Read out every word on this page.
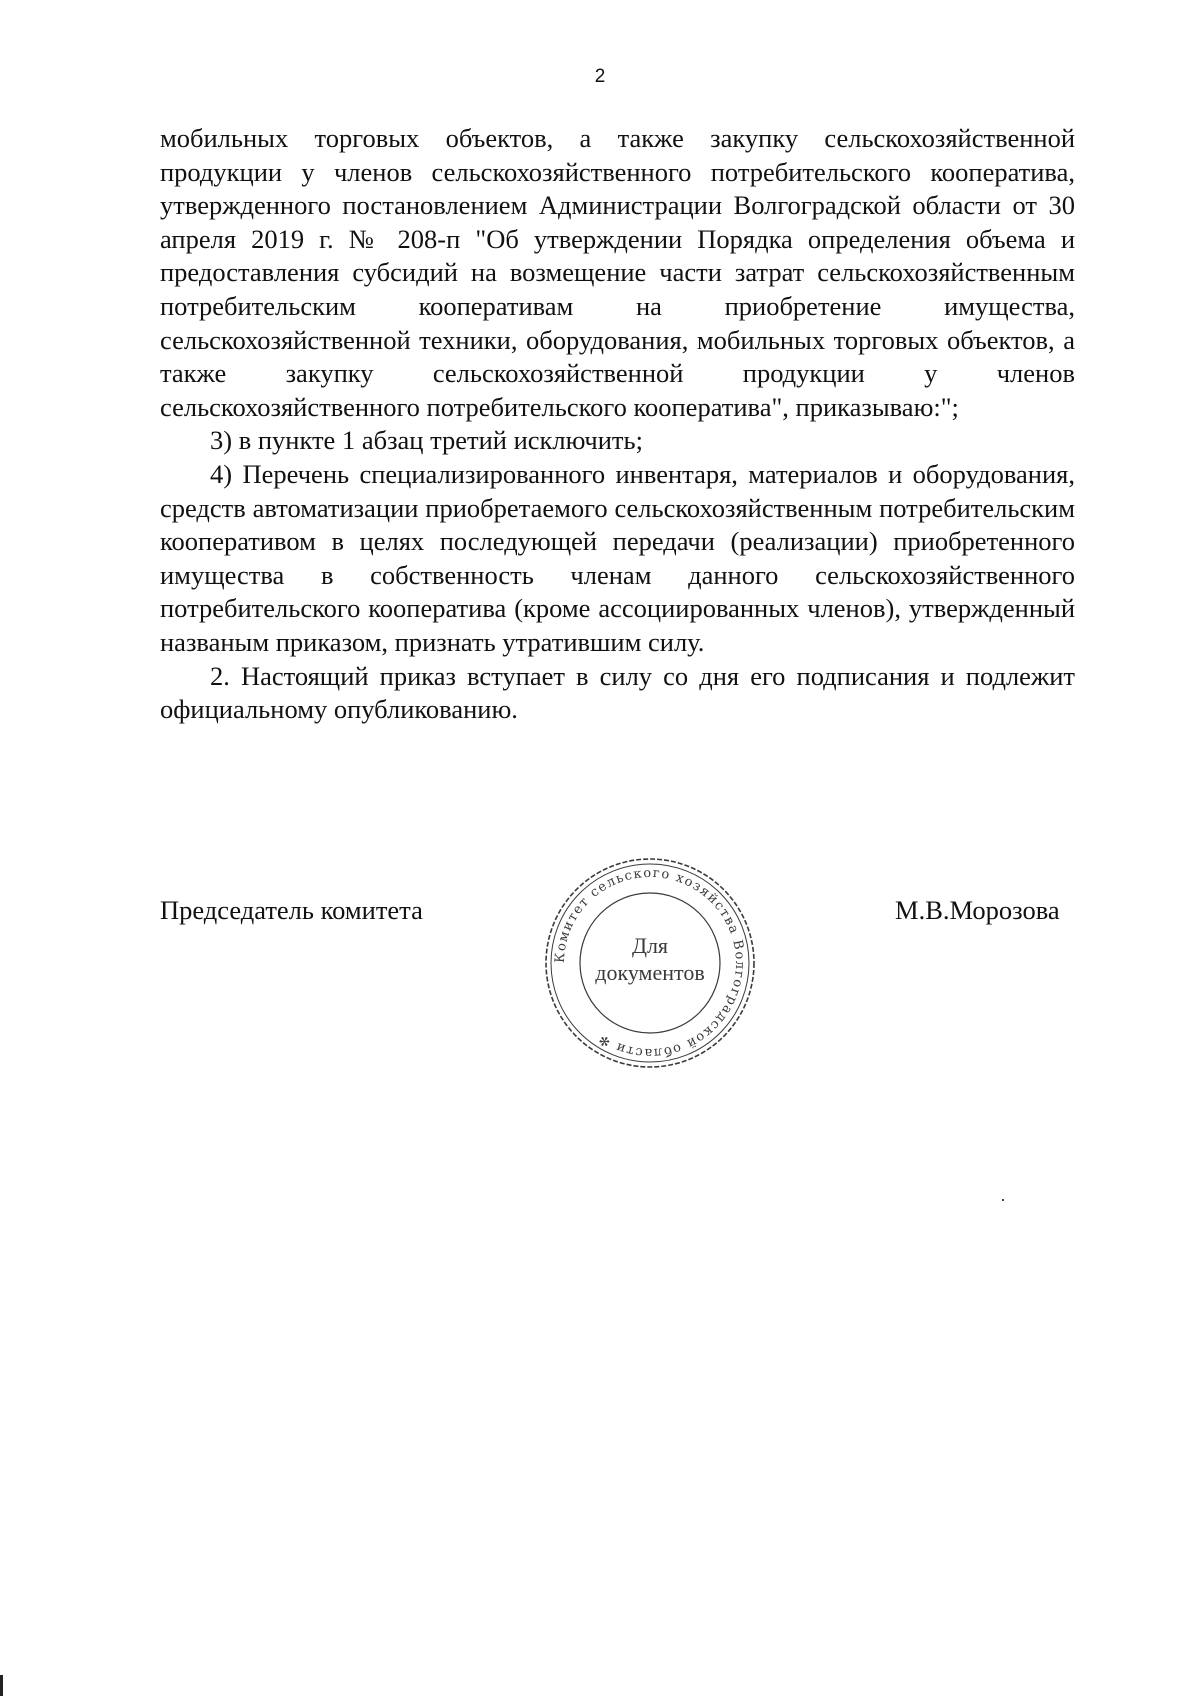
2

мобильных торговых объектов, а также закупку сельскохозяйственной продукции у членов сельскохозяйственного потребительского кооператива, утвержденного постановлением Администрации Волгоградской области от 30 апреля 2019 г. № 208-п "Об утверждении Порядка определения объема и предоставления субсидий на возмещение части затрат сельскохозяйственным потребительским кооперативам на приобретение имущества, сельскохозяйственной техники, оборудования, мобильных торговых объектов, а также закупку сельскохозяйственной продукции у членов сельскохозяйственного потребительского кооператива", приказываю:";

3) в пункте 1 абзац третий исключить;

4) Перечень специализированного инвентаря, материалов и оборудования, средств автоматизации приобретаемого сельскохозяйственным потребительским кооперативом в целях последующей передачи (реализации) приобретенного имущества в собственность членам данного сельскохозяйственного потребительского кооператива (кроме ассоциированных членов), утвержденный названым приказом, признать утратившим силу.

2. Настоящий приказ вступает в силу со дня его подписания и подлежит официальному опубликованию.

Председатель комитета	М.В.Морозова
Комитет сельского хозяйства Волгоградской области ✻
Для
документов
